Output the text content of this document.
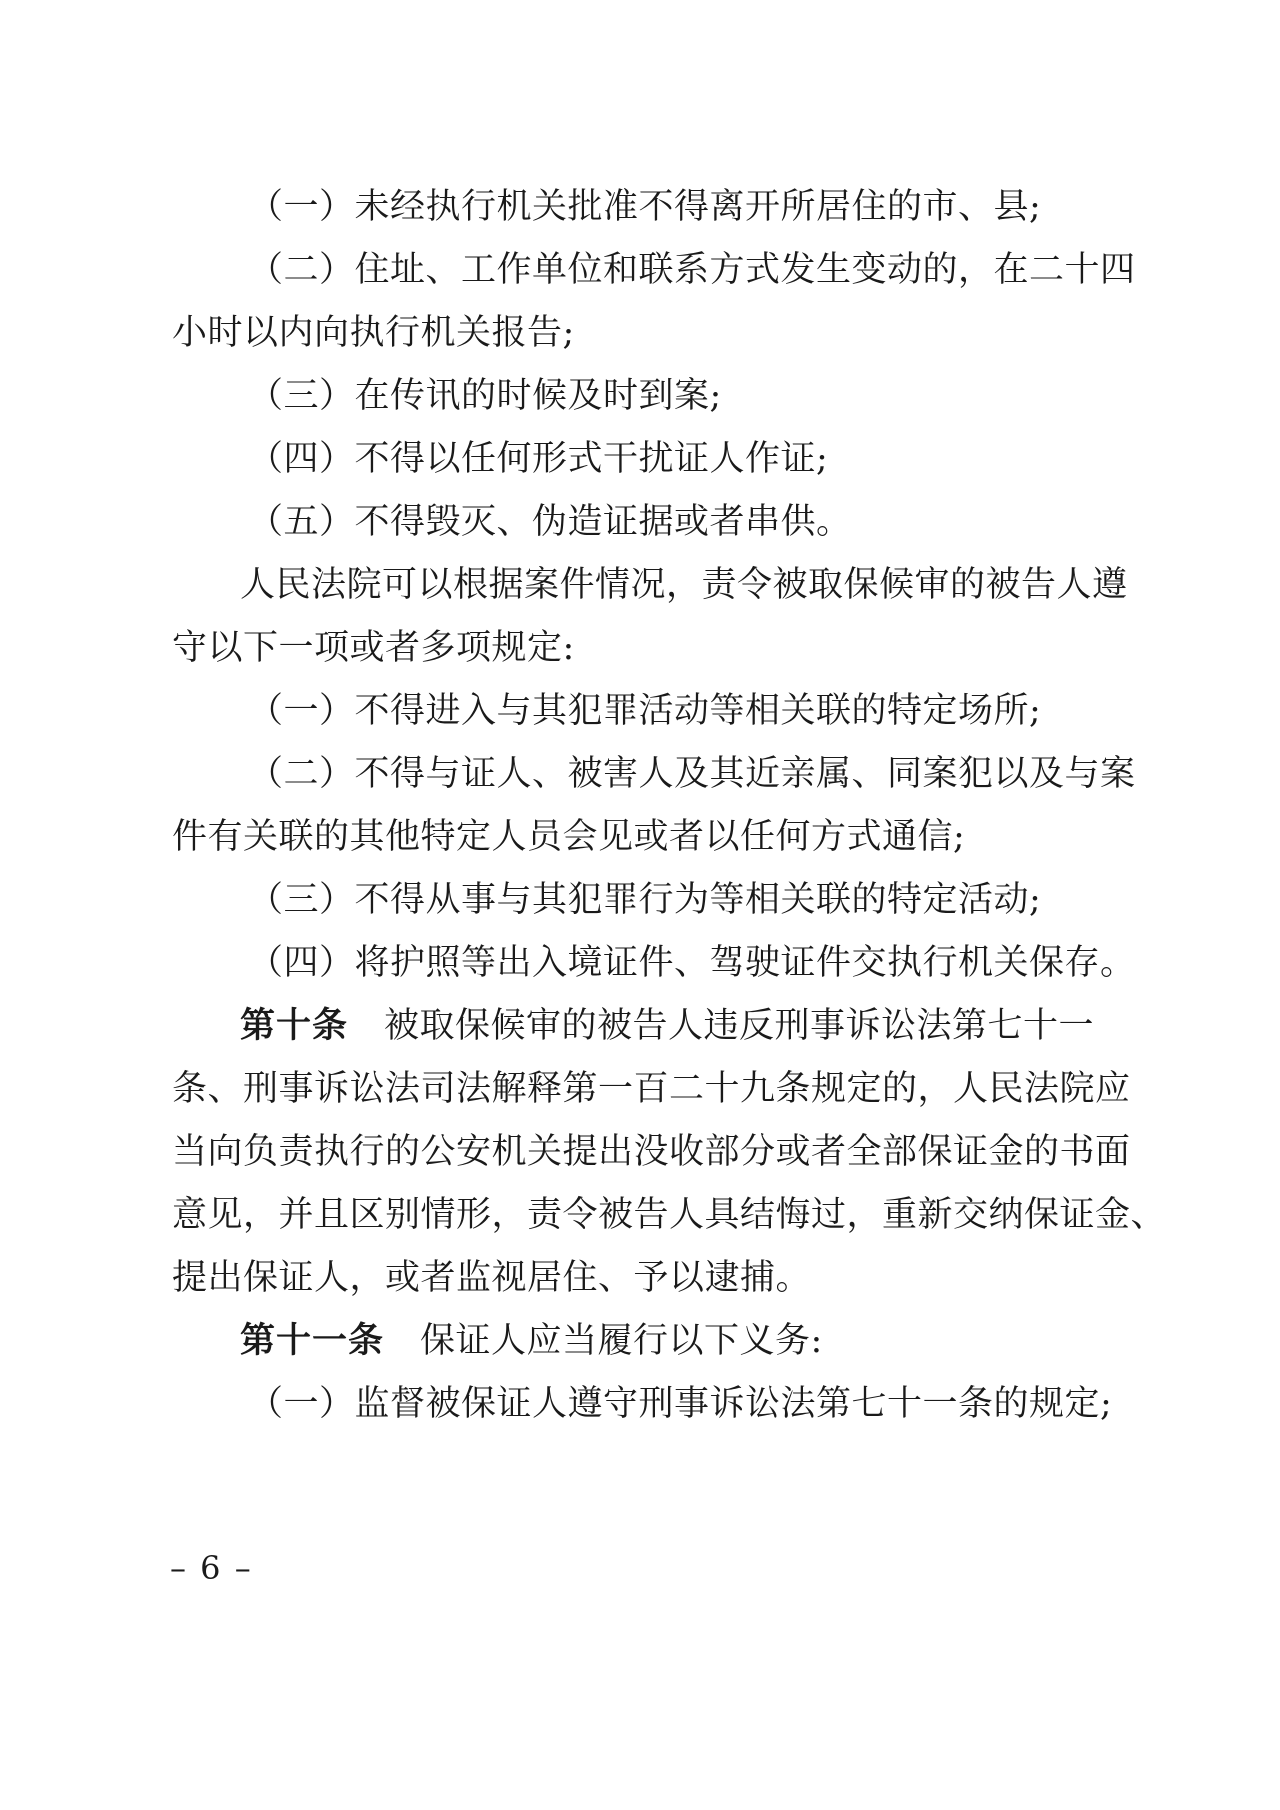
（一）未经执行机关批准不得离开所居住的市、县;
（二）住址、工作单位和联系方式发生变动的，在二十四
小时以内向执行机关报告;
（三）在传讯的时候及时到案;
（四）不得以任何形式干扰证人作证;
（五）不得毁灭、伪造证据或者串供。
人民法院可以根据案件情况，责令被取保候审的被告人遵
守以下一项或者多项规定:
（一）不得进入与其犯罪活动等相关联的特定场所;
（二）不得与证人、被害人及其近亲属、同案犯以及与案
件有关联的其他特定人员会见或者以任何方式通信;
（三）不得从事与其犯罪行为等相关联的特定活动;
（四）将护照等出入境证件、驾驶证件交执行机关保存。
第十条 被取保候审的被告人违反刑事诉讼法第七十一
条、刑事诉讼法司法解释第一百二十九条规定的，人民法院应
当向负责执行的公安机关提出没收部分或者全部保证金的书面
意见，并且区别情形，责令被告人具结悔过，重新交纳保证金、
提出保证人，或者监视居住、予以逮捕。
第十一条 保证人应当履行以下义务:
（一）监督被保证人遵守刑事诉讼法第七十一条的规定;
– 6 –
